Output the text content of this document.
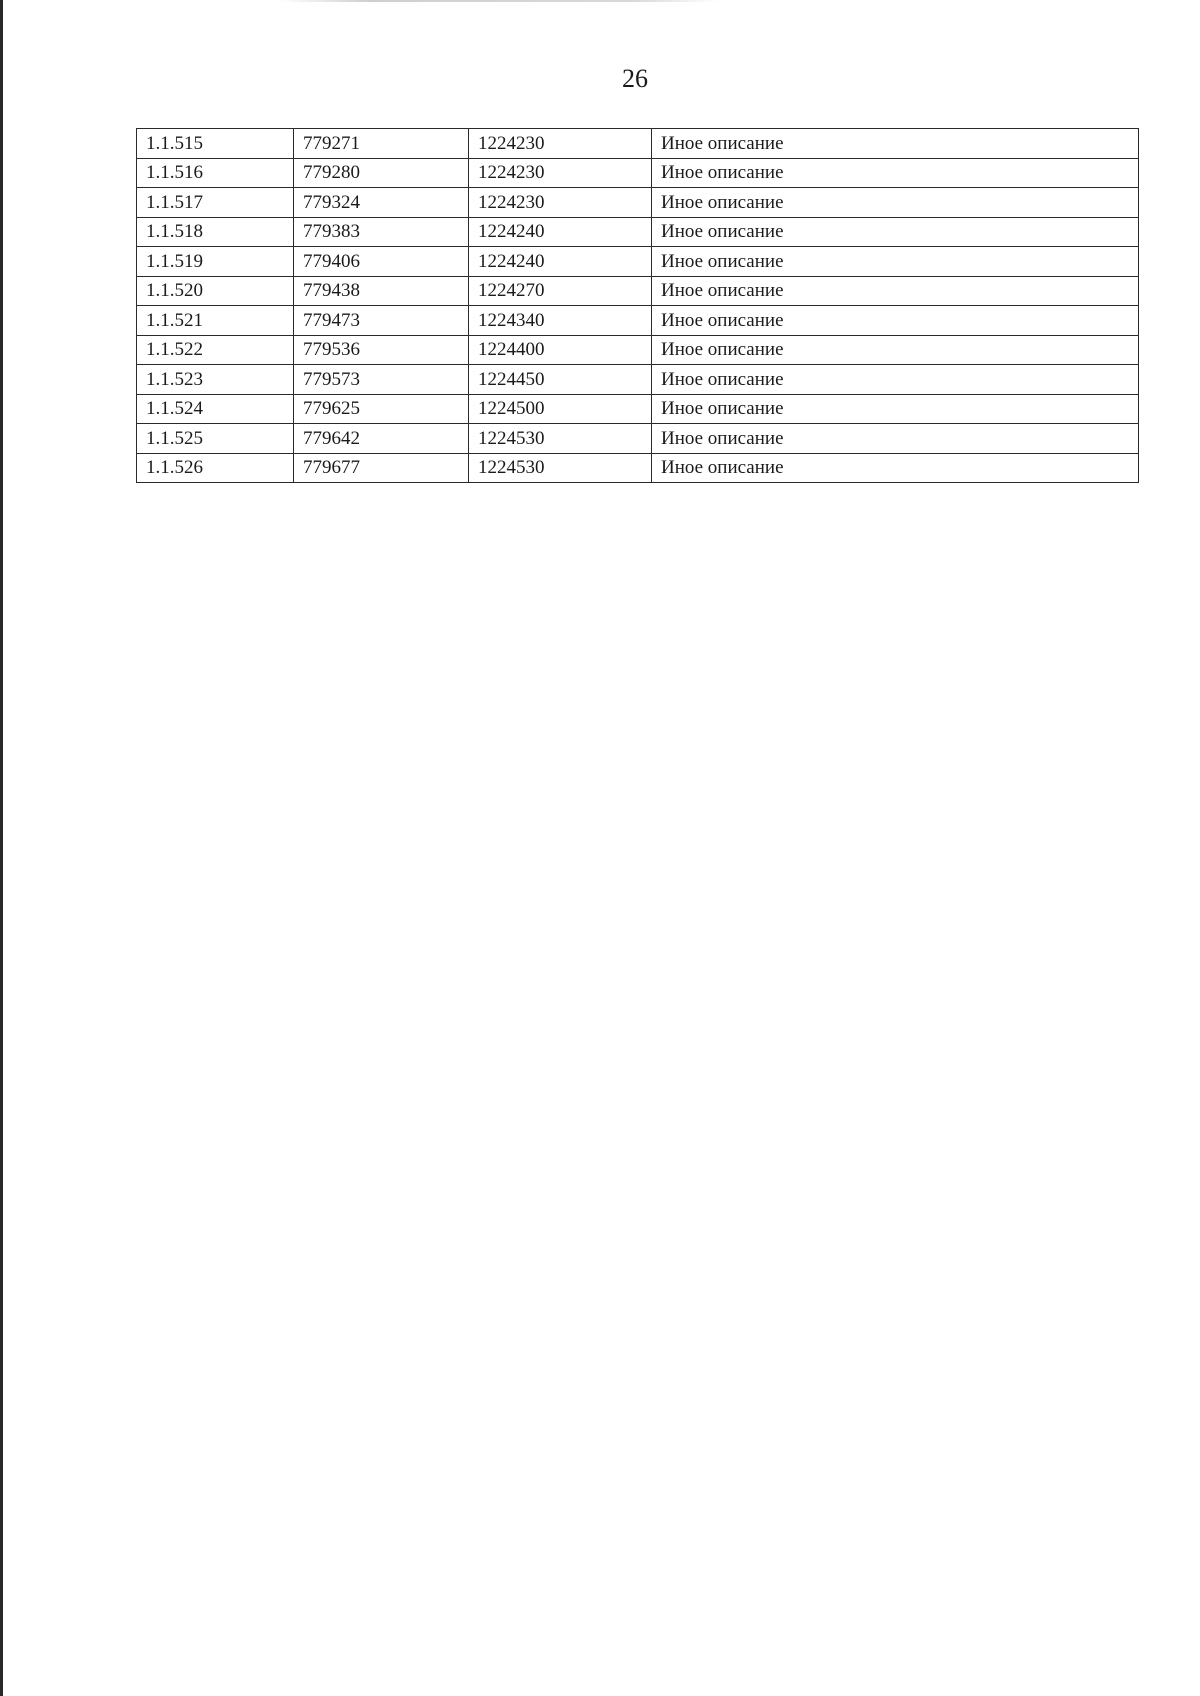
26
1.1.515	779271	1224230	Иное описание
1.1.516	779280	1224230	Иное описание
1.1.517	779324	1224230	Иное описание
1.1.518	779383	1224240	Иное описание
1.1.519	779406	1224240	Иное описание
1.1.520	779438	1224270	Иное описание
1.1.521	779473	1224340	Иное описание
1.1.522	779536	1224400	Иное описание
1.1.523	779573	1224450	Иное описание
1.1.524	779625	1224500	Иное описание
1.1.525	779642	1224530	Иное описание
1.1.526	779677	1224530	Иное описание
